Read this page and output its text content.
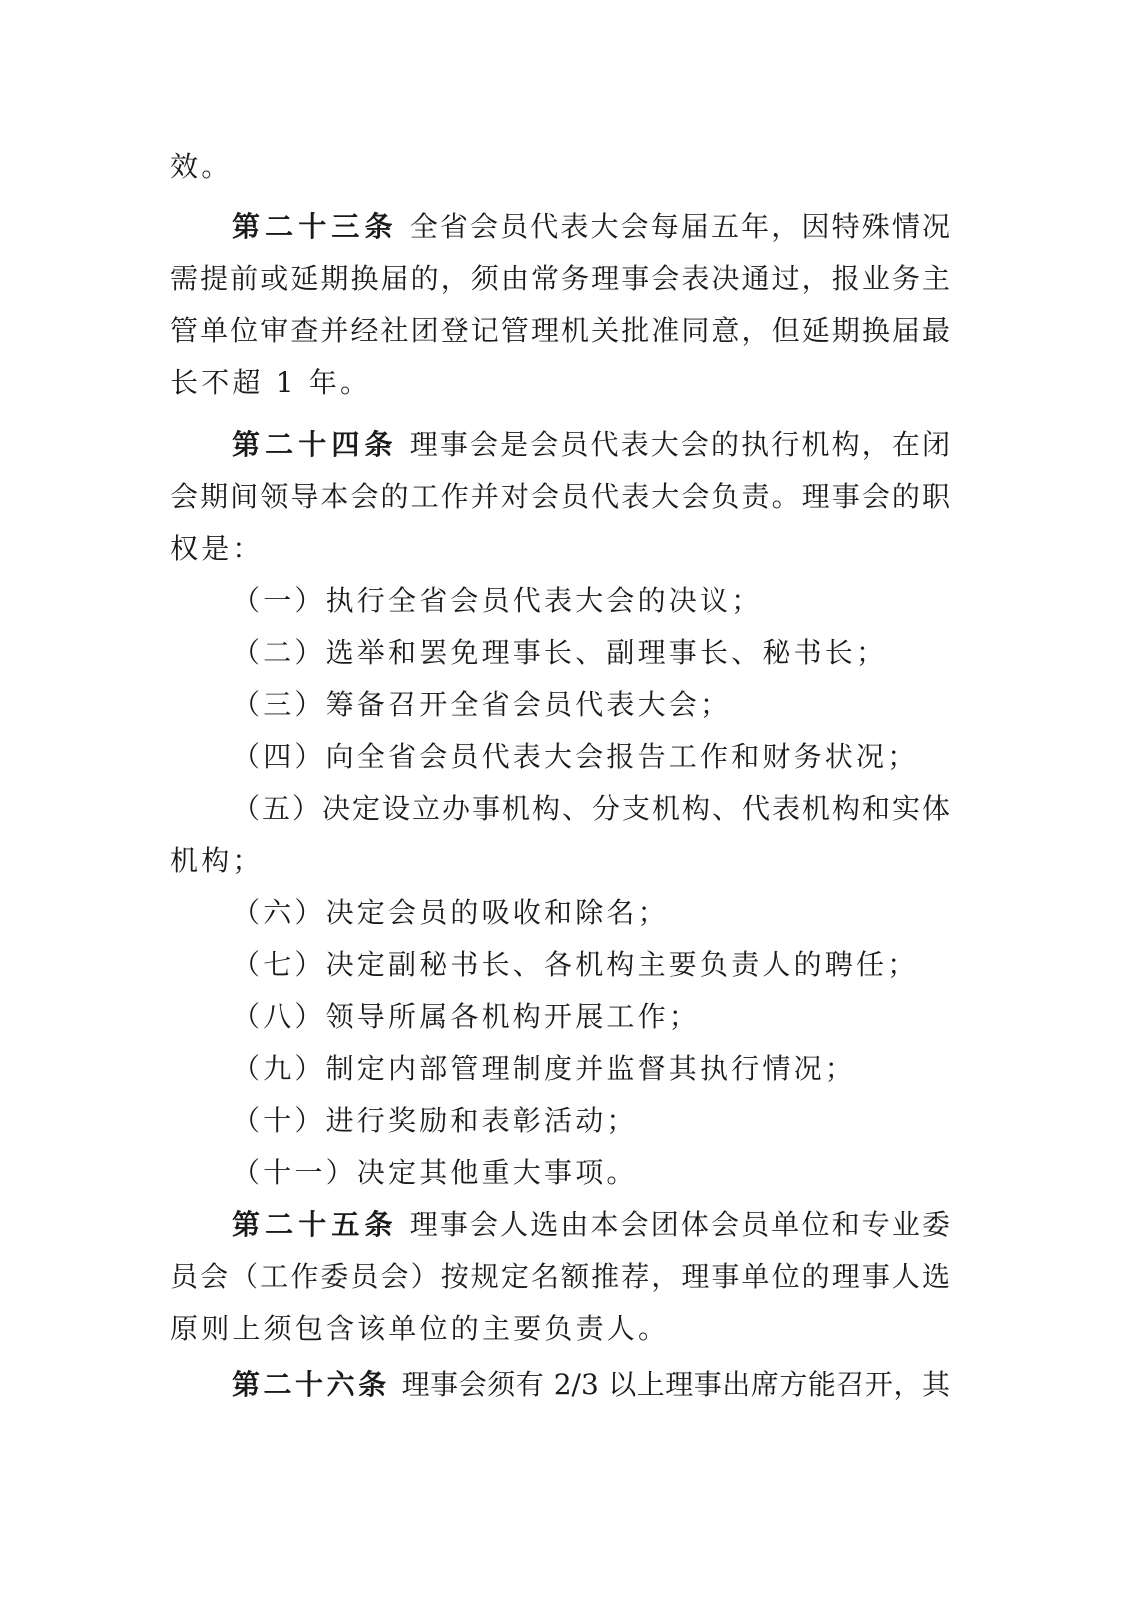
效。
第二十三条 全省会员代表大会每届五年，因特殊情况
需提前或延期换届的，须由常务理事会表决通过，报业务主
管单位审查并经社团登记管理机关批准同意，但延期换届最
长不超 1 年。
第二十四条 理事会是会员代表大会的执行机构，在闭
会期间领导本会的工作并对会员代表大会负责。理事会的职
权是：
（一）执行全省会员代表大会的决议；
（二）选举和罢免理事长、副理事长、秘书长；
（三）筹备召开全省会员代表大会；
（四）向全省会员代表大会报告工作和财务状况；
（五）决定设立办事机构、分支机构、代表机构和实体
机构；
（六）决定会员的吸收和除名；
（七）决定副秘书长、各机构主要负责人的聘任；
（八）领导所属各机构开展工作；
（九）制定内部管理制度并监督其执行情况；
（十）进行奖励和表彰活动；
（十一）决定其他重大事项。
第二十五条 理事会人选由本会团体会员单位和专业委
员会（工作委员会）按规定名额推荐，理事单位的理事人选
原则上须包含该单位的主要负责人。
第二十六条 理事会须有 2/3 以上理事出席方能召开，其
